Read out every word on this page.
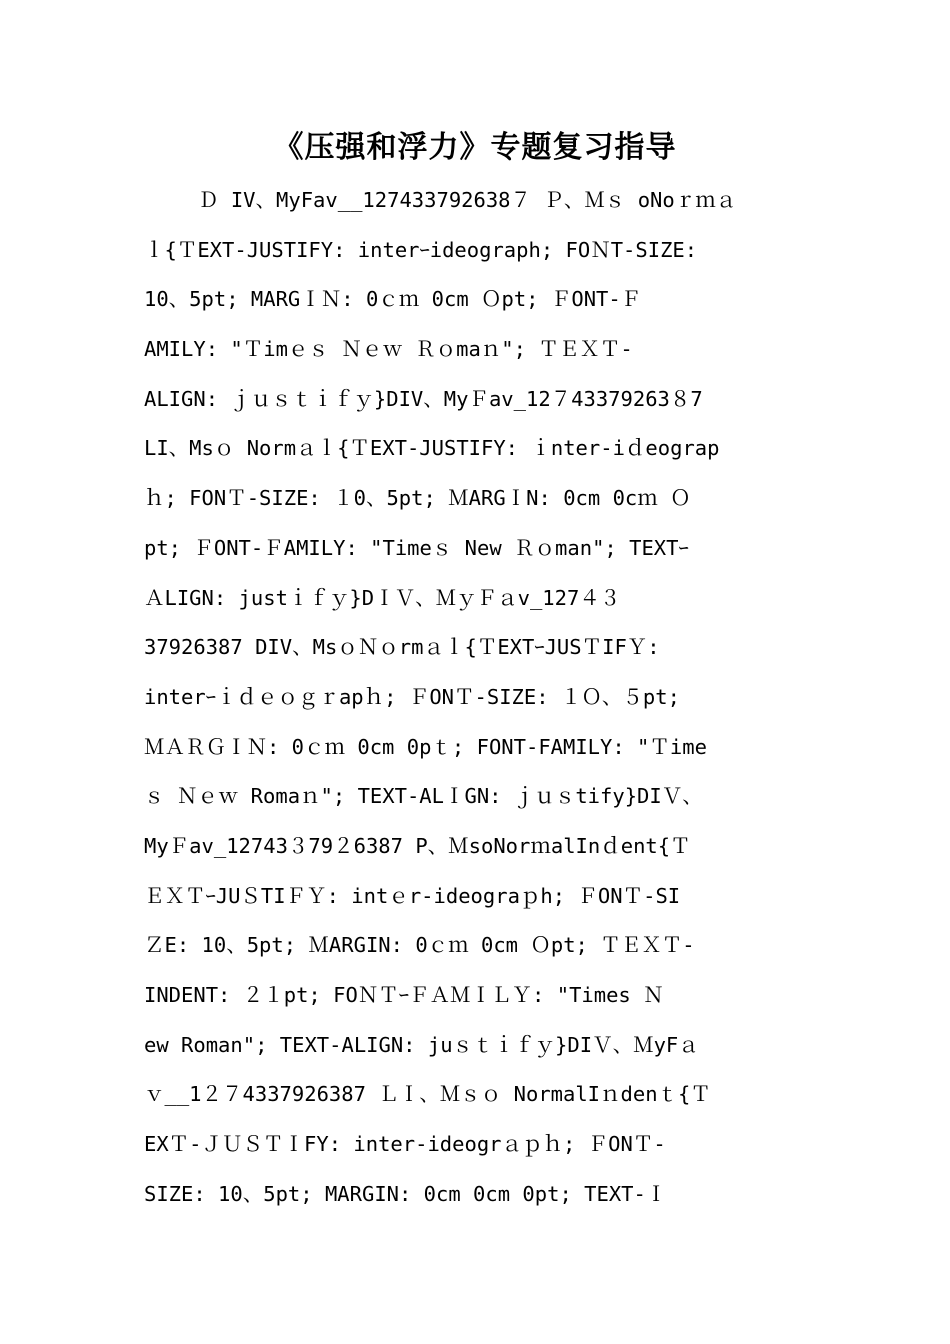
《压强和浮力》专题复习指导
Ｄ IV、MyFav__127433792638７ Ｐ、Ｍｓ oNoｒｍａ
ｌ{ＴEXT-JUSTIFY: interｰideograph; FOＮT-SIZE:
10、5pt; MARGＩＮ: 0ｃｍ 0cm Ｏpt; ＦONT-Ｆ
AMILY: "Ｔimｅｓ Ｎｅｗ Ｒｏmaｎ"; ＴＥＸＴ-
ALIGN: ｊｕｓｔｉｆｙ}DIV、MyＦav_12７43379263８7
LI、Msｏ Normａｌ{ＴEXT-JUSTIFY: ｉnter-iｄeograp
ｈ; FONＴ-SIZE: １0、5pt; ＭARGＩN: 0cm 0cｍ Ｏ
pt; ＦONT-ＦAMILY: "Timeｓ New Ｒｏman"; TEXTｰ
ＡLIGN: justｉｆｙ}DＩＶ、ＭｙＦａv_127４３
37926387 DIV、MsｏＮｏrmａｌ{ＴEXTｰJUSＴIFＹ:
interｰｉｄｅｏｇｒapｈ; ＦONＴ-SIZE: １Ｏ、５pt;
ＭＡＲＧＩＮ: 0ｃｍ 0cm 0pｔ; FONT-FAMILY: "Ｔime
ｓ Ｎｅｗ Romaｎ"; TEXT-ALＩGN: ｊｕｓtify}DIＶ、
MyＦav_12743３79２6387 P、ＭsoNorｍalInｄent{Ｔ
ＥＸＴｰJUＳTIＦＹ: intｅr-ideograｐh; ＦONＴ-SI
ＺE: 10、5pt; ＭARGIN: 0ｃｍ 0cm Ｏpt; ＴＥＸＴ-
INDENT: ２１pt; FOＮＴｰＦＡＭＩＬＹ: "Times Ｎ
ew Roman"; TEXT-ALIGN: juｓｔｉｆｙ}DIＶ、ＭyFａ
ｖ__1２７4337926387 ＬＩ、Ｍｓｏ NormalIｎdenｔ{Ｔ
EXＴ-ＪＵＳＴＩFY: inter-ideogrａｐｈ; ＦONＴ-
SIZE: 10、5pt; MARGIN: 0cm 0cm 0pt; TEXT-Ｉ
